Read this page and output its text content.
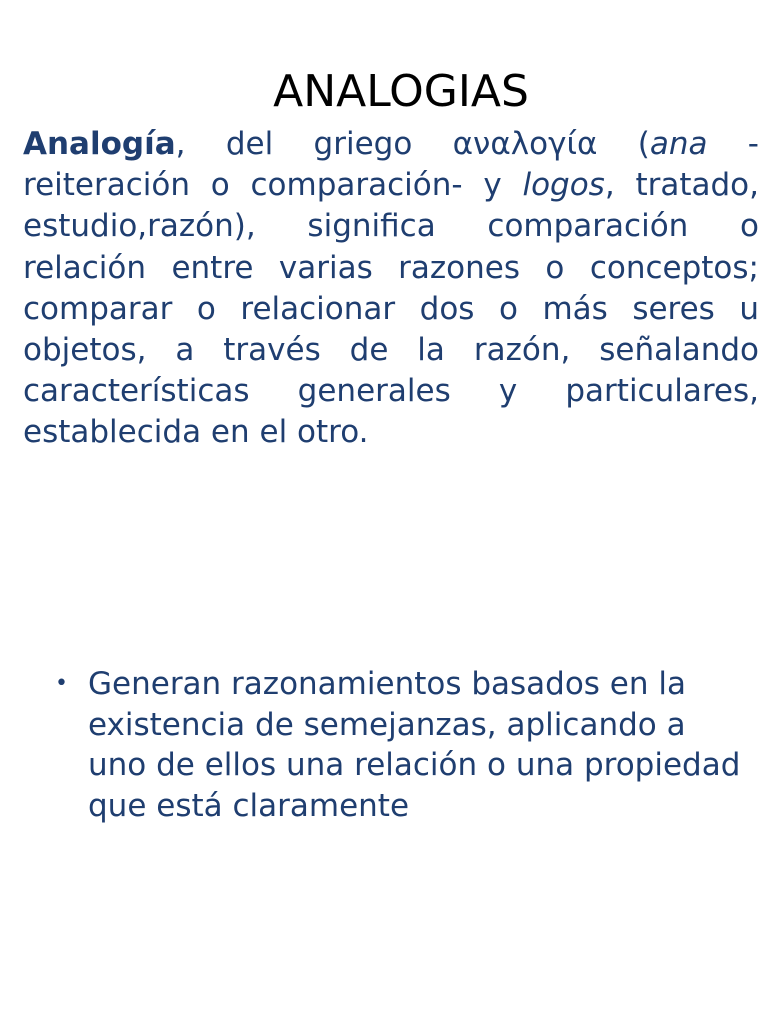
ANALOGIAS

Analogía, del griego αναλογία (ana - reiteración o comparación- y logos, tratado, estudio,razón), significa comparación o relación entre varias razones o conceptos; comparar o relacionar dos o más seres u objetos, a través de la razón, señalando características generales y particulares, establecida en el otro.

• Generan razonamientos basados en la existencia de semejanzas, aplicando a uno de ellos una relación o una propiedad que está claramente
